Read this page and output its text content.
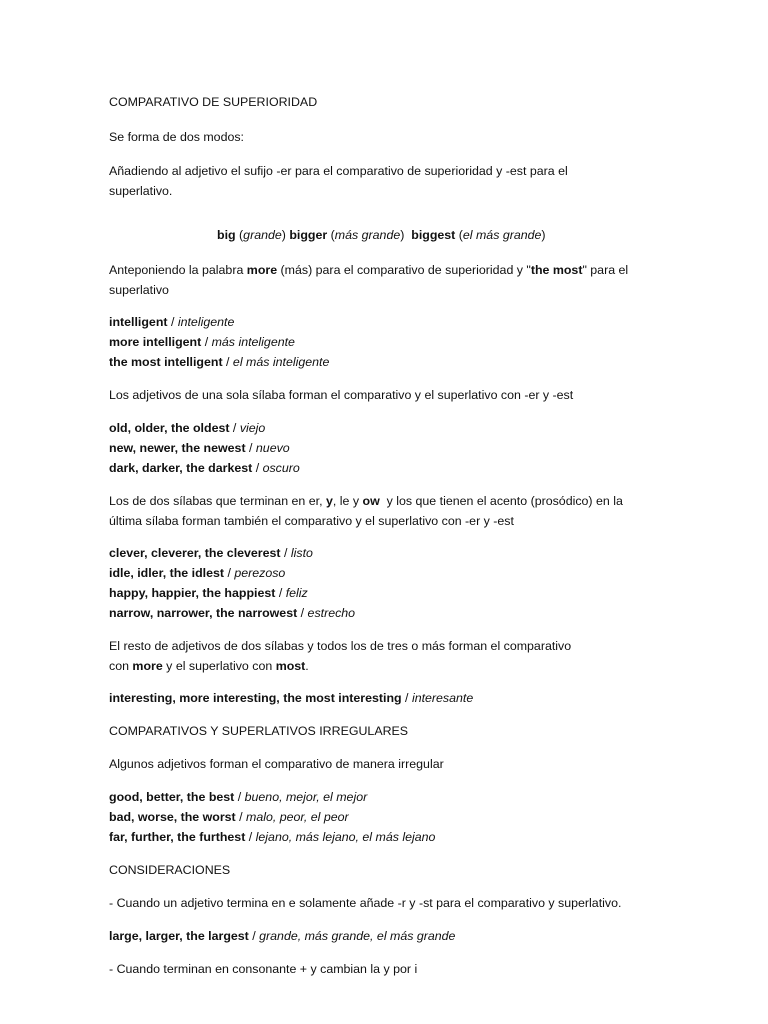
COMPARATIVO DE SUPERIORIDAD
Se forma de dos modos:
Añadiendo al adjetivo el sufijo -er para el comparativo de superioridad y -est para el
superlativo.
big (grande) bigger (más grande)  biggest (el más grande)
Anteponiendo la palabra more (más) para el comparativo de superioridad y "the most" para el
superlativo
intelligent / inteligente
more intelligent / más inteligente
the most intelligent / el más inteligente
Los adjetivos de una sola sílaba forman el comparativo y el superlativo con -er y -est
old, older, the oldest / viejo
new, newer, the newest / nuevo
dark, darker, the darkest / oscuro
Los de dos sílabas que terminan en er, y, le y ow  y los que tienen el acento (prosódico) en la
última sílaba forman también el comparativo y el superlativo con -er y -est
clever, cleverer, the cleverest / listo
idle, idler, the idlest / perezoso
happy, happier, the happiest / feliz
narrow, narrower, the narrowest / estrecho
El resto de adjetivos de dos sílabas y todos los de tres o más forman el comparativo
con more y el superlativo con most.
interesting, more interesting, the most interesting / interesante
COMPARATIVOS Y SUPERLATIVOS IRREGULARES
Algunos adjetivos forman el comparativo de manera irregular
good, better, the best / bueno, mejor, el mejor
bad, worse, the worst / malo, peor, el peor
far, further, the furthest / lejano, más lejano, el más lejano
CONSIDERACIONES
- Cuando un adjetivo termina en e solamente añade -r y -st para el comparativo y superlativo.
large, larger, the largest / grande, más grande, el más grande
- Cuando terminan en consonante + y cambian la y por i
